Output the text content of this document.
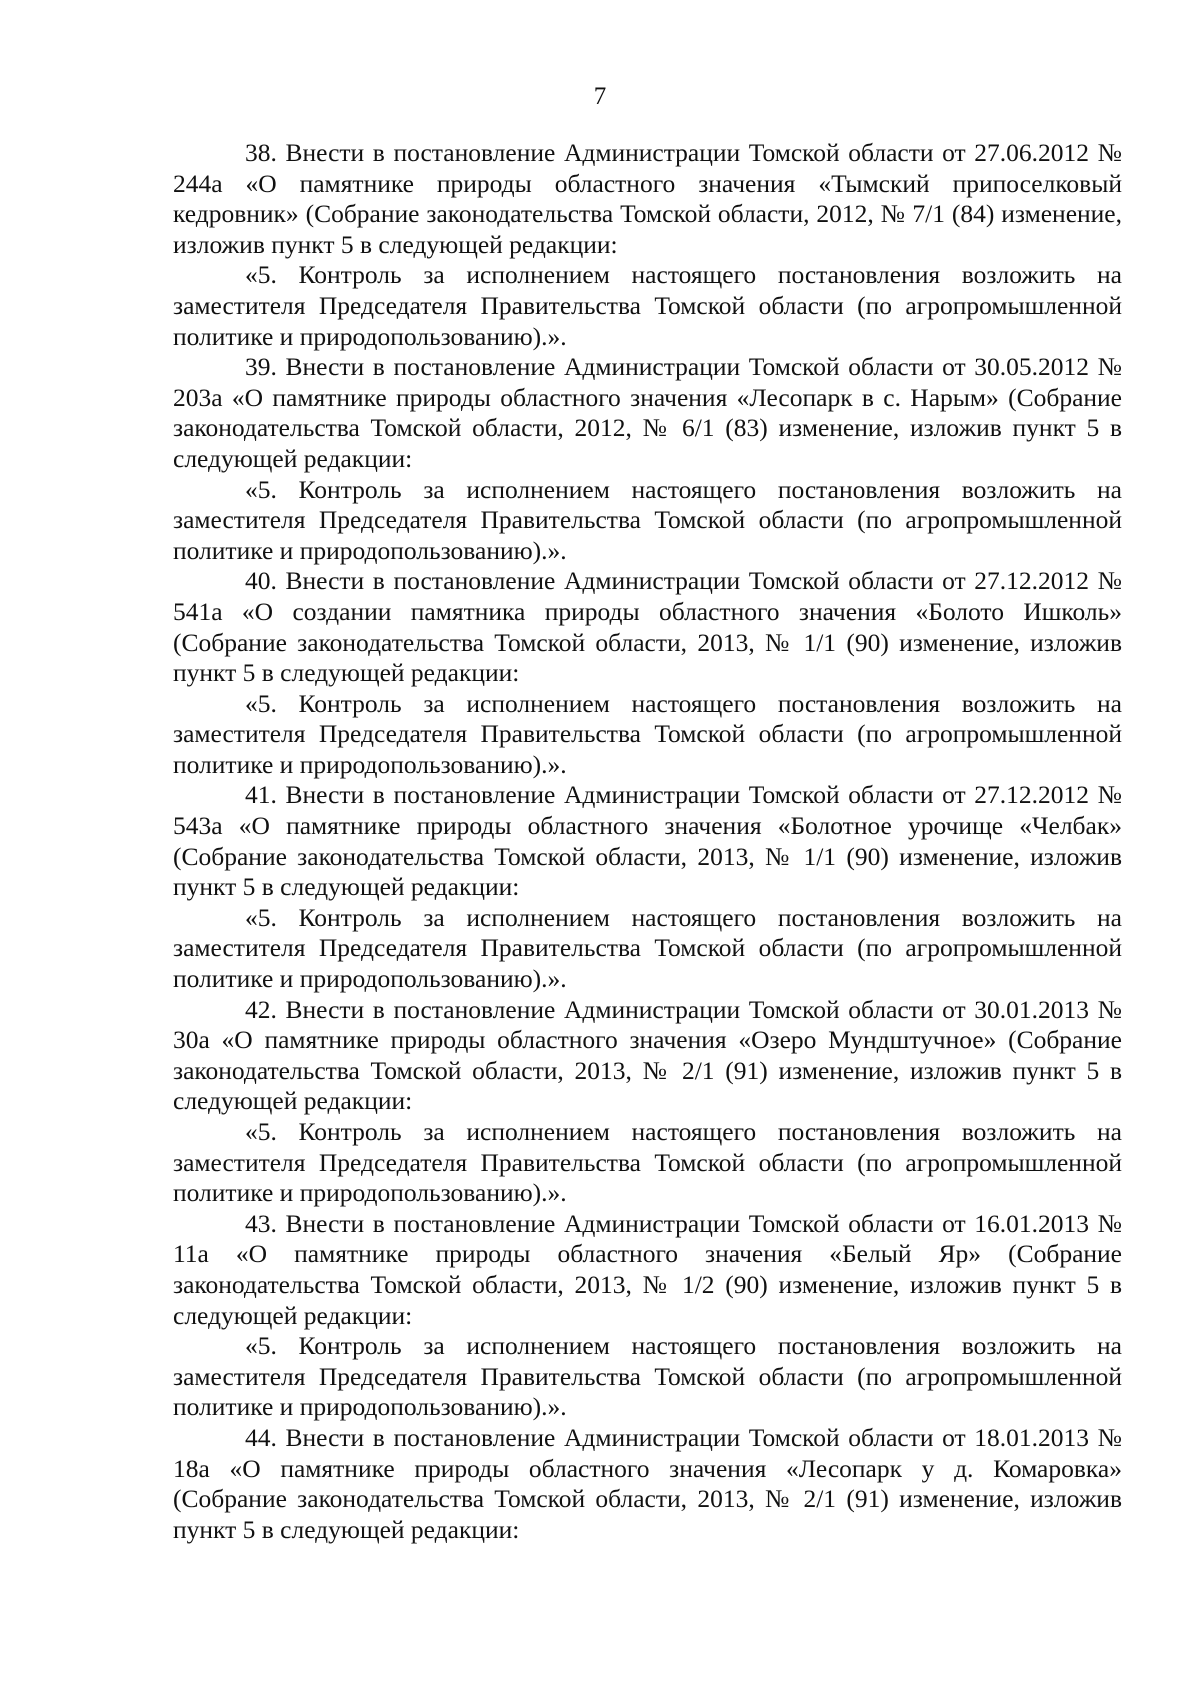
7

38. Внести в постановление Администрации Томской области от 27.06.2012 № 244а «О памятнике природы областного значения «Тымский припоселковый кедровник» (Собрание законодательства Томской области, 2012, № 7/1 (84) изменение, изложив пункт 5 в следующей редакции:

«5. Контроль за исполнением настоящего постановления возложить на заместителя Председателя Правительства Томской области (по агропромышленной политике и природопользованию).».

39. Внести в постановление Администрации Томской области от 30.05.2012 № 203а «О памятнике природы областного значения «Лесопарк в с. Нарым» (Собрание законодательства Томской области, 2012, № 6/1 (83) изменение, изложив пункт 5 в следующей редакции:

«5. Контроль за исполнением настоящего постановления возложить на заместителя Председателя Правительства Томской области (по агропромышленной политике и природопользованию).».

40. Внести в постановление Администрации Томской области от 27.12.2012 № 541а «О создании памятника природы областного значения «Болото Ишколь» (Собрание законодательства Томской области, 2013, № 1/1 (90) изменение, изложив пункт 5 в следующей редакции:

«5. Контроль за исполнением настоящего постановления возложить на заместителя Председателя Правительства Томской области (по агропромышленной политике и природопользованию).».

41. Внести в постановление Администрации Томской области от 27.12.2012 № 543а «О памятнике природы областного значения «Болотное урочище «Челбак» (Собрание законодательства Томской области, 2013, № 1/1 (90) изменение, изложив пункт 5 в следующей редакции:

«5. Контроль за исполнением настоящего постановления возложить на заместителя Председателя Правительства Томской области (по агропромышленной политике и природопользованию).».

42. Внести в постановление Администрации Томской области от 30.01.2013 № 30а «О памятнике природы областного значения «Озеро Мундштучное» (Собрание законодательства Томской области, 2013, № 2/1 (91) изменение, изложив пункт 5 в следующей редакции:

«5. Контроль за исполнением настоящего постановления возложить на заместителя Председателя Правительства Томской области (по агропромышленной политике и природопользованию).».

43. Внести в постановление Администрации Томской области от 16.01.2013 № 11а «О памятнике природы областного значения «Белый Яр» (Собрание законодательства Томской области, 2013, № 1/2 (90) изменение, изложив пункт 5 в следующей редакции:

«5. Контроль за исполнением настоящего постановления возложить на заместителя Председателя Правительства Томской области (по агропромышленной политике и природопользованию).».

44. Внести в постановление Администрации Томской области от 18.01.2013 № 18а «О памятнике природы областного значения «Лесопарк у д. Комаровка» (Собрание законодательства Томской области, 2013, № 2/1 (91) изменение, изложив пункт 5 в следующей редакции:
